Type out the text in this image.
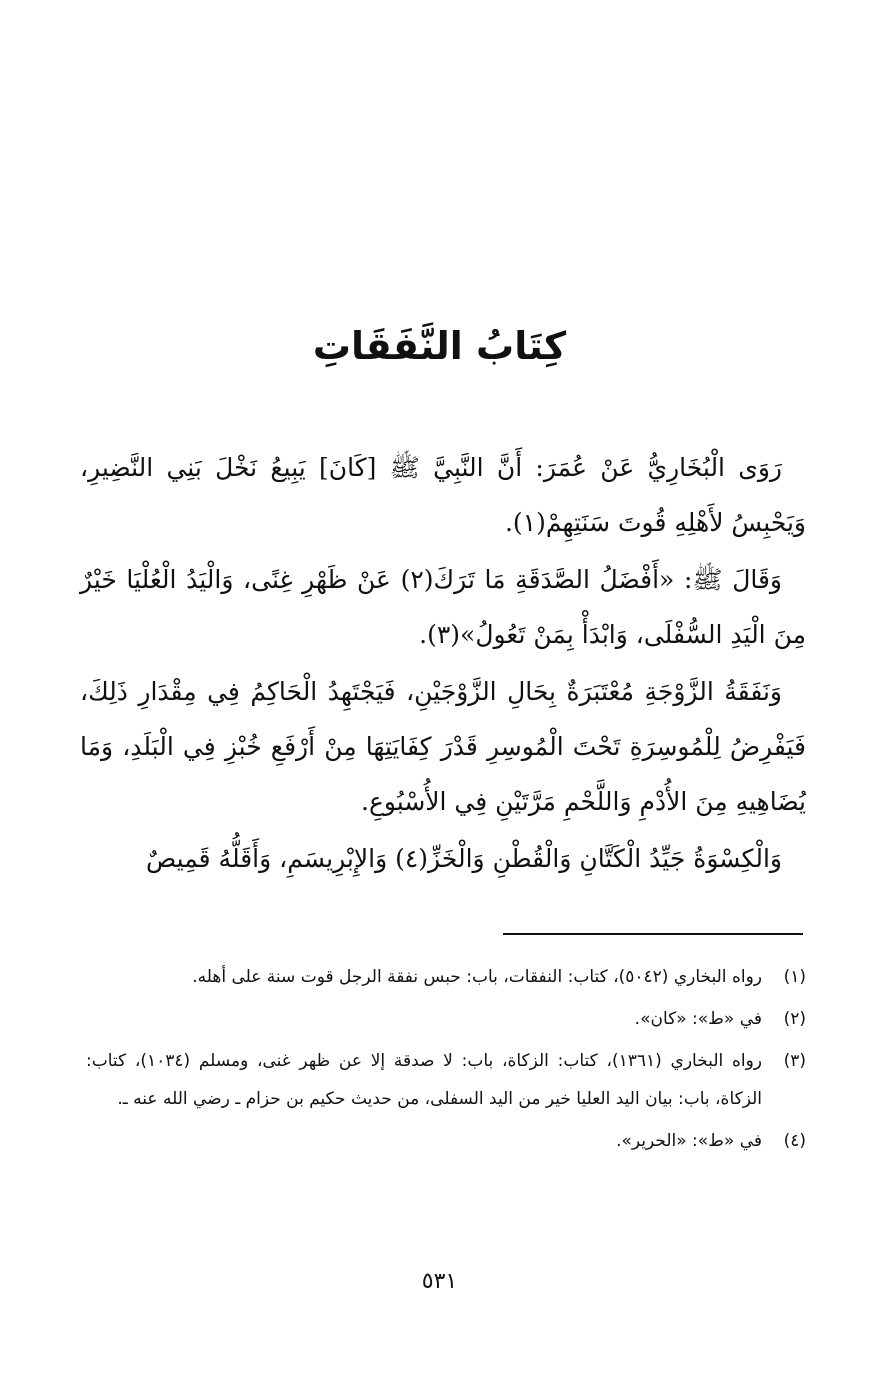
كِتَابُ النَّفَقَاتِ

رَوَى الْبُخَارِيُّ عَنْ عُمَرَ: أَنَّ النَّبِيَّ ﷺ [كَانَ] يَبِيعُ نَخْلَ بَنِي النَّضِيرِ، وَيَحْبِسُ لأَهْلِهِ قُوتَ سَنَتِهِمْ(١).

وَقَالَ ﷺ: «أَفْضَلُ الصَّدَقَةِ مَا تَرَكَ(٢) عَنْ ظَهْرِ غِنًى، وَالْيَدُ الْعُلْيَا خَيْرٌ مِنَ الْيَدِ السُّفْلَى، وَابْدَأْ بِمَنْ تَعُولُ»(٣).

وَنَفَقَةُ الزَّوْجَةِ مُعْتَبَرَةٌ بِحَالِ الزَّوْجَيْنِ، فَيَجْتَهِدُ الْحَاكِمُ فِي مِقْدَارِ ذَلِكَ، فَيَفْرِضُ لِلْمُوسِرَةِ تَحْتَ الْمُوسِرِ قَدْرَ كِفَايَتِهَا مِنْ أَرْفَعِ خُبْزِ فِي الْبَلَدِ، وَمَا يُضَاهِيهِ مِنَ الأُدْمِ وَاللَّحْمِ مَرَّتَيْنِ فِي الأُسْبُوعِ.

وَالْكِسْوَةُ جَيِّدُ الْكَتَّانِ وَالْقُطْنِ وَالْخَزِّ(٤) وَالإِبْرِيسَمِ، وَأَقَلُّهُ قَمِيصٌ

(١)
رواه البخاري (٥٠٤٢)، كتاب: النفقات، باب: حبس نفقة الرجل قوت سنة على أهله.
(٢)
في «ط»: «كان».
(٣)
رواه البخاري (١٣٦١)، كتاب: الزكاة، باب: لا صدقة إلا عن ظهر غنى، ومسلم (١٠٣٤)، كتاب: الزكاة، باب: بيان اليد العليا خير من اليد السفلى، من حديث حكيم بن حزام ـ رضي الله عنه ـ.
(٤)
في «ط»: «الحرير».
٥٣١
